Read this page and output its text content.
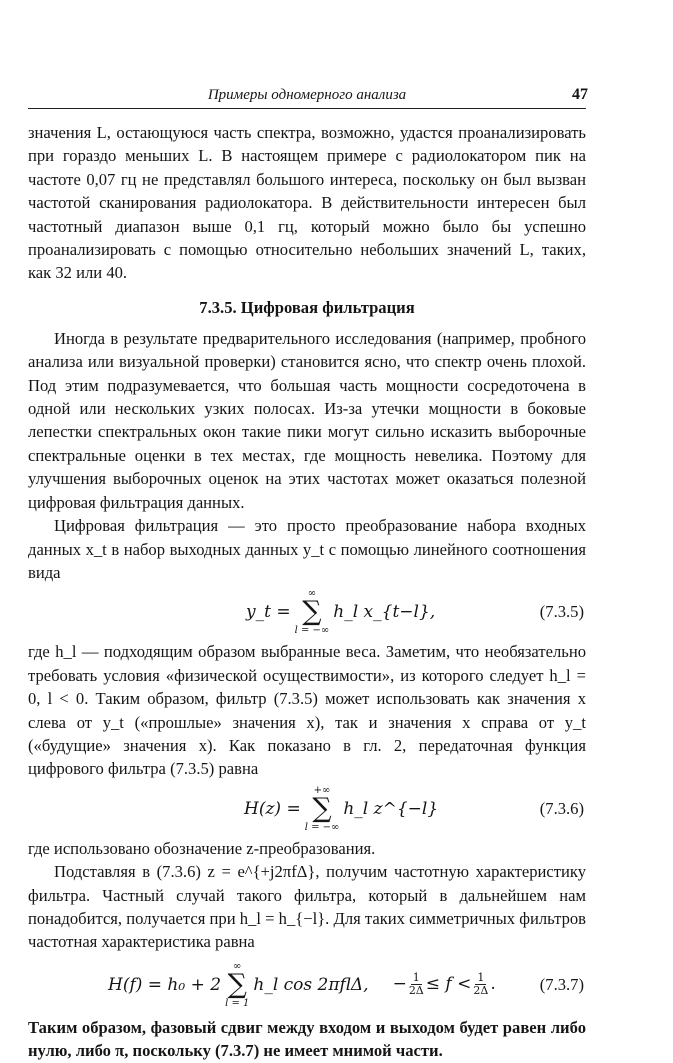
Примеры одномерного анализа	47

значения L, остающуюся часть спектра, возможно, удастся проанализировать при гораздо меньших L. В настоящем примере с радиолокатором пик на частоте 0,07 гц не представлял большого интереса, поскольку он был вызван частотой сканирования радиолокатора. В действительности интересен был частотный диапазон выше 0,1 гц, который можно было бы успешно проанализировать с помощью относительно небольших значений L, таких, как 32 или 40.

7.3.5. Цифровая фильтрация

Иногда в результате предварительного исследования (например, пробного анализа или визуальной проверки) становится ясно, что спектр очень плохой. Под этим подразумевается, что большая часть мощности сосредоточена в одной или нескольких узких полосах. Из-за утечки мощности в боковые лепестки спектральных окон такие пики могут сильно исказить выборочные спектральные оценки в тех местах, где мощность невелика. Поэтому для улучшения выборочных оценок на этих частотах может оказаться полезной цифровая фильтрация данных.

Цифровая фильтрация — это просто преобразование набора входных данных x_t в набор выходных данных y_t с помощью линейного соотношения вида

y_t =
∞
∑
l = −∞
h_l x_{t−l},	(7.3.5)

где h_l — подходящим образом выбранные веса. Заметим, что необязательно требовать условия «физической осуществимости», из которого следует h_l = 0, l < 0. Таким образом, фильтр (7.3.5) может использовать как значения x слева от y_t («прошлые» значения x), так и значения x справа от y_t («будущие» значения x). Как показано в гл. 2, передаточная функция цифрового фильтра (7.3.5) равна

H(z) =
+∞
∑
l = −∞
h_l z^{−l}	(7.3.6)

где использовано обозначение z-преобразования.

Подставляя в (7.3.6) z = e^{+j2πfΔ}, получим частотную характеристику фильтра. Частный случай такого фильтра, который в дальнейшем нам понадобится, получается при h_l = h_{−l}. Для таких симметричных фильтров частотная характеристика равна

H(f) = h₀ + 2
∞
∑
l = 1
h_l cos 2πflΔ, − $\frac{1}{2\Delta} \le f < \frac{1}{2\Delta}$ .	(7.3.7)

Таким образом, фазовый сдвиг между входом и выходом будет равен либо нулю, либо π, поскольку (7.3.7) не имеет мнимой части.
